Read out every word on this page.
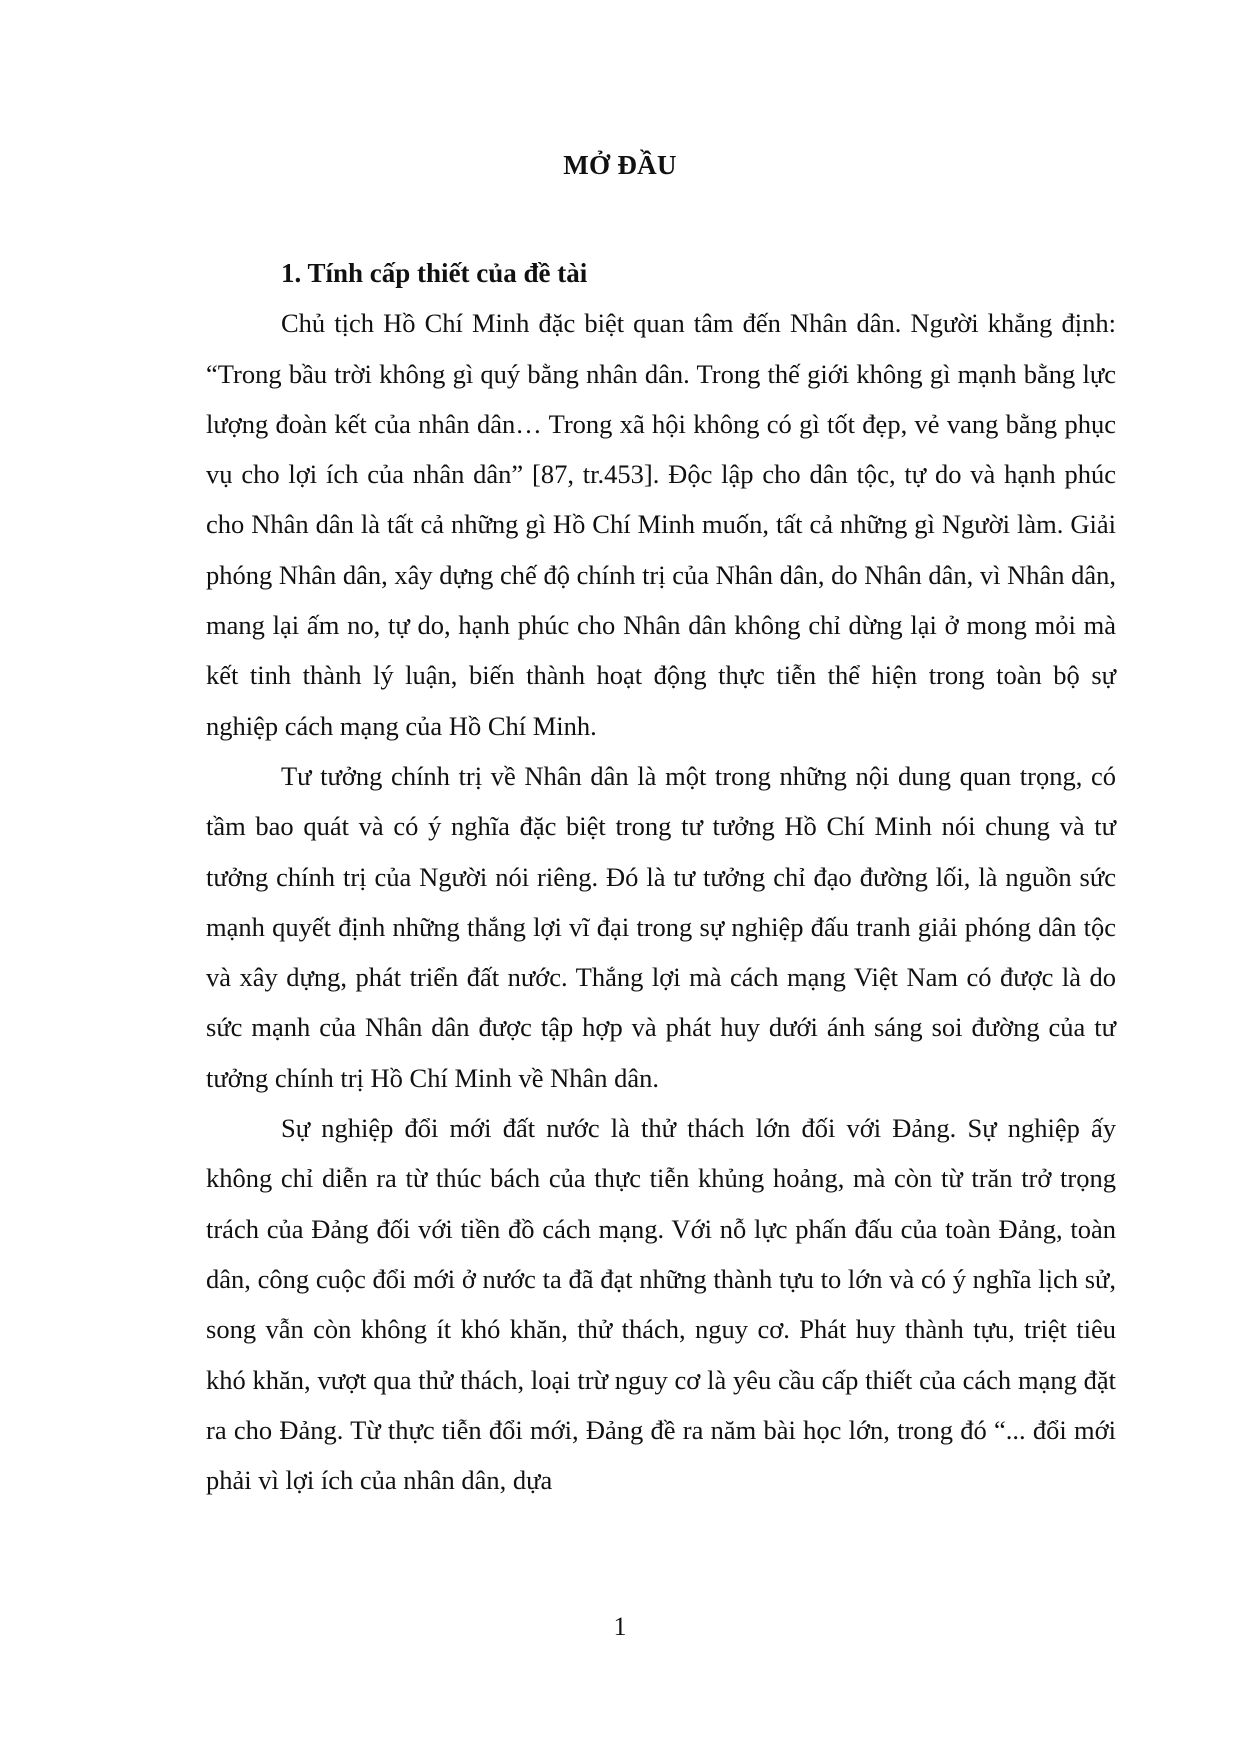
MỞ ĐẦU

1. Tính cấp thiết của đề tài

Chủ tịch Hồ Chí Minh đặc biệt quan tâm đến Nhân dân. Người khẳng định: “Trong bầu trời không gì quý bằng nhân dân. Trong thế giới không gì mạnh bằng lực lượng đoàn kết của nhân dân… Trong xã hội không có gì tốt đẹp, vẻ vang bằng phục vụ cho lợi ích của nhân dân” [87, tr.453]. Độc lập cho dân tộc, tự do và hạnh phúc cho Nhân dân là tất cả những gì Hồ Chí Minh muốn, tất cả những gì Người làm. Giải phóng Nhân dân, xây dựng chế độ chính trị của Nhân dân, do Nhân dân, vì Nhân dân, mang lại ấm no, tự do, hạnh phúc cho Nhân dân không chỉ dừng lại ở mong mỏi mà kết tinh thành lý luận, biến thành hoạt động thực tiễn thể hiện trong toàn bộ sự nghiệp cách mạng của Hồ Chí Minh.

Tư tưởng chính trị về Nhân dân là một trong những nội dung quan trọng, có tầm bao quát và có ý nghĩa đặc biệt trong tư tưởng Hồ Chí Minh nói chung và tư tưởng chính trị của Người nói riêng. Đó là tư tưởng chỉ đạo đường lối, là nguồn sức mạnh quyết định những thắng lợi vĩ đại trong sự nghiệp đấu tranh giải phóng dân tộc và xây dựng, phát triển đất nước. Thắng lợi mà cách mạng Việt Nam có được là do sức mạnh của Nhân dân được tập hợp và phát huy dưới ánh sáng soi đường của tư tưởng chính trị Hồ Chí Minh về Nhân dân.

Sự nghiệp đổi mới đất nước là thử thách lớn đối với Đảng. Sự nghiệp ấy không chỉ diễn ra từ thúc bách của thực tiễn khủng hoảng, mà còn từ trăn trở trọng trách của Đảng đối với tiền đồ cách mạng. Với nỗ lực phấn đấu của toàn Đảng, toàn dân, công cuộc đổi mới ở nước ta đã đạt những thành tựu to lớn và có ý nghĩa lịch sử, song vẫn còn không ít khó khăn, thử thách, nguy cơ. Phát huy thành tựu, triệt tiêu khó khăn, vượt qua thử thách, loại trừ nguy cơ là yêu cầu cấp thiết của cách mạng đặt ra cho Đảng. Từ thực tiễn đổi mới, Đảng đề ra năm bài học lớn, trong đó “... đổi mới phải vì lợi ích của nhân dân, dựa

1
